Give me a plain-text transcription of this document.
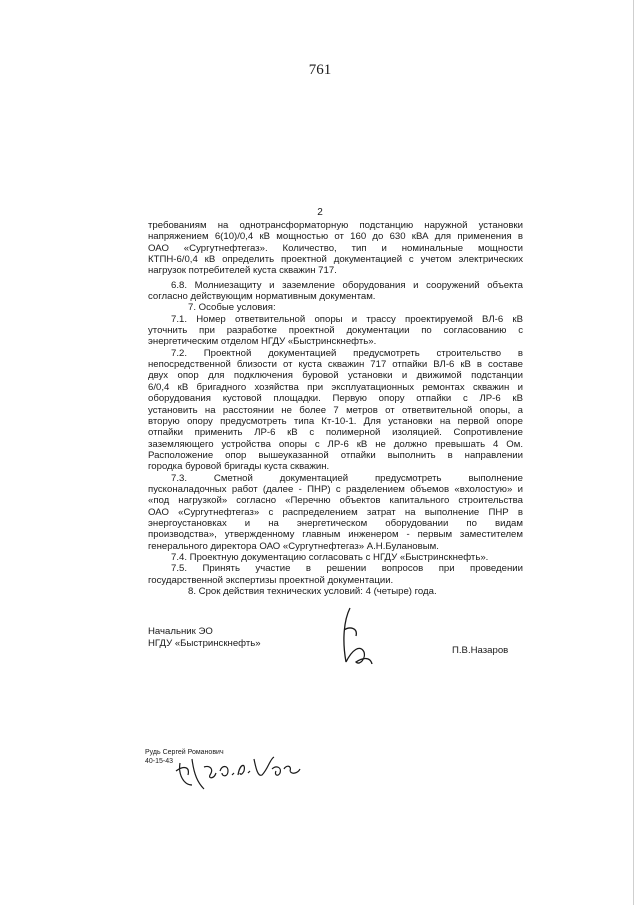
761
2
требованиям на однотрансформаторную подстанцию наружной установки
напряжением 6(10)/0,4 кВ мощностью от 160 до 630 кВА для применения в
ОАО «Сургутнефтегаз». Количество, тип и номинальные мощности
КТПН-6/0,4 кВ определить проектной документацией с учетом электрических
нагрузок потребителей куста скважин 717.
6.8. Молниезащиту и заземление оборудования и сооружений объекта
согласно действующим нормативным документам.
7. Особые условия:
7.1. Номер ответвительной опоры и трассу проектируемой ВЛ-6 кВ
уточнить при разработке проектной документации по согласованию с
энергетическим отделом НГДУ «Быстринскнефть».
7.2. Проектной документацией предусмотреть строительство в
непосредственной близости от куста скважин 717 отпайки ВЛ-6 кВ в составе
двух опор для подключения буровой установки и движимой подстанции
6/0,4 кВ бригадного хозяйства при эксплуатационных ремонтах скважин и
оборудования кустовой площадки. Первую опору отпайки с ЛР-6 кВ
установить на расстоянии не более 7 метров от ответвительной опоры, а
вторую опору предусмотреть типа Кт-10-1. Для установки на первой опоре
отпайки применить ЛР-6 кВ с полимерной изоляцией. Сопротивление
заземляющего устройства опоры с ЛР-6 кВ не должно превышать 4 Ом.
Расположение опор вышеуказанной отпайки выполнить в направлении
городка буровой бригады куста скважин.
7.3. Сметной документацией предусмотреть выполнение
пусконаладочных работ (далее - ПНР) с разделением объемов «вхолостую» и
«под нагрузкой» согласно «Перечню объектов капитального строительства
ОАО «Сургутнефтегаз» с распределением затрат на выполнение ПНР в
энергоустановках и на энергетическом оборудовании по видам
производства», утвержденному главным инженером - первым заместителем
генерального директора ОАО «Сургутнефтегаз» А.Н.Булановым.
7.4. Проектную документацию согласовать с НГДУ «Быстринскнефть».
7.5. Принять участие в решении вопросов при проведении
государственной экспертизы проектной документации.
8. Срок действия технических условий: 4 (четыре) года.
Начальник ЭО
НГДУ «Быстринскнефть»
П.В.Назаров
Рудь Сергей Романович
40-15-43
